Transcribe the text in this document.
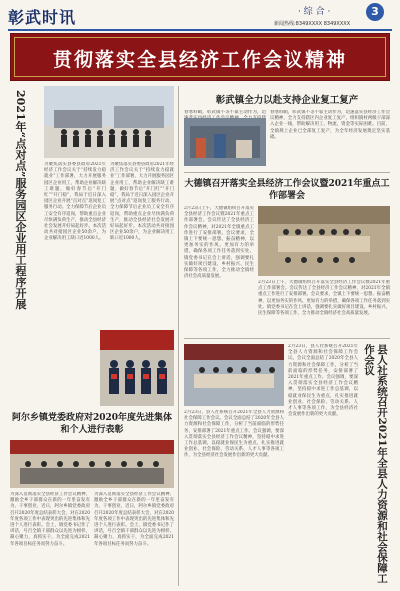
彰武时讯	· 综 合 ·	3
新闻热线:8349XXXX 8349XXXX
贯彻落实全县经济工作会议精神
2021年“点对点”服务园区企业用工程序开展	为聚焦落实县委县政府2021年经济工作会议关于“持续发力稳就业”工作部署，大力开展服务园区企业用工，帮助企业解决缺工难题，做好春节后“开门红”“开门稳”，我局于近日深入园区企业开展“点对点”返岗复工服务行动。全力保障节后企业员工安全有序返岗，帮助重点企业尽快满负荷生产，推动全县经济社会发展开好局起好步。本次活动共对接园区企业50余户，为企业解决用工缺口近1000人。
为聚焦落实县委县政府2021年经济工作会议关于“持续发力稳就业”工作部署，大力开展服务园区企业用工，帮助企业解决缺工难题，做好春节后“开门红”“开门稳”，我局于近日深入园区企业开展“点对点”返岗复工服务行动。全力保障节后企业员工安全有序返岗，帮助重点企业尽快满负荷生产，推动全县经济社会发展开好局起好步。本次活动共对接园区企业50余户，为企业解决用工缺口近1000人。
彰武镇全力以赴支持企业复工复产
春寒料峭，彰武镇不等不靠主动作为，迅 春寒料峭，彰武镇不等不靠主动作为，迅速落实县经济工作会议精神，全力支持辖区内企业复工复产，组织镇村两级干部深入企业一线，帮助解决用工、物流、资金等实际困难。目前，全镇规上企业已全部复工复产，为全年经济发展奠定坚实基础。
大德镇召开落实全县经济工作会议暨2021年重点工作部署会
2月23日上午，大德镇组织召开落实全县经济工作会议暨2021年重点工作部署会。会议传达了全县经济工作会议精神，对2021年全镇重点工作进行了安排部署。会议要求，全镇上下要统一思想、振奋精神，以更加务实的作风、更加有力的举措，确保各项工作任务落到实处。镇党委书记在会上讲话，强调要扎实做好项目建设、乡村振兴、民生保障等各项工作，全力推动全镇经济社会高质量发展。
2月23日上午，大德镇组织召开落实全县经济工作会议暨2021年重点工作部署会。会议传达了全县经济工作会议精神，对2021年全镇重点工作进行了安排部署。会议要求，全镇上下要统一思想、振奋精神，以更加务实的作风、更加有力的举措，确保各项工作任务落到实处。镇党委书记在会上讲话，强调要扎实做好项目建设、乡村振兴、民生保障等各项工作，全力推动全镇经济社会高质量发展。
阿尔乡镇党委政府对2020年度先进集体和个人进行表彰
为深入贯彻落实全县经济工作会议精神，激励全乡干部群众在新的一年里奋发有为、干事创业，近日，阿尔乡镇党委政府召开2020年度总结表彰大会，对在2020年度各项工作中表现突出的先进集体和先进个人进行表彰。会上，镇党委书记作了讲话，号召全镇干部群众以先进为榜样，凝心聚力，真抓实干，为全面完成2021年各项目标任务而努力奋斗。
为深入贯彻落实全县经济工作会议精神，激励全乡干部群众在新的一年里奋发有为、干事创业，近日，阿尔乡镇党委政府召开2020年度总结表彰大会，对在2020年度各项工作中表现突出的先进集体和先进个人进行表彰。会上，镇党委书记作了讲话，号召全镇干部群众以先进为榜样，凝心聚力，真抓实干，为全面完成2021年各项目标任务而努力奋斗。	县人社系统召开2021年全县人力资源和社会保障工作会议
2月23日，县人社系统召开2021年全县人力资源和社会保障工作会议。会议全面总结了2020年全县人力资源和社会保障工作，分析了当前面临的形势任务，安排部署了2021年重点工作。会议强调，要深入贯彻落实全县经济工作会议精神，坚持稳中求进工作总基调，以稳就业保民生为重点，扎实推进就业创业、社会保险、劳动关系、人才人事等各项工作，为全县经济社会发展作出新的更大贡献。
2月23日，县人社系统召开2021年全县人力资源和社会保障工作会议。会议全面总结了2020年全县人力资源和社会保障工作，分析了当前面临的形势任务，安排部署了2021年重点工作。会议强调，要深入贯彻落实全县经济工作会议精神，坚持稳中求进工作总基调，以稳就业保民生为重点，扎实推进就业创业、社会保险、劳动关系、人才人事等各项工作，为全县经济社会发展作出新的更大贡献。
